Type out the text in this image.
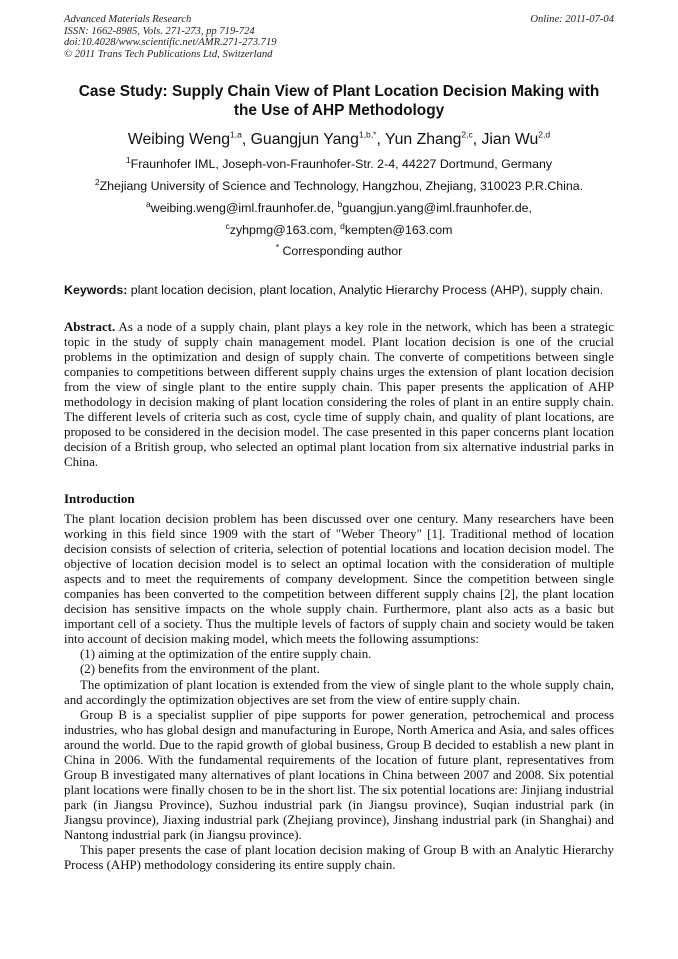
Advanced Materials Research
ISSN: 1662-8985, Vols. 271-273, pp 719-724
doi:10.4028/www.scientific.net/AMR.271-273.719
© 2011 Trans Tech Publications Ltd, Switzerland
Online: 2011-07-04
Case Study: Supply Chain View of Plant Location Decision Making with
the Use of AHP Methodology
Weibing Weng$^{1,a}$, Guangjun Yang$^{1,b,*}$, Yun Zhang$^{2,c}$, Jian Wu$^{2,d}$
$^1$Fraunhofer IML, Joseph-von-Fraunhofer-Str. 2-4, 44227 Dortmund, Germany
$^2$Zhejiang University of Science and Technology, Hangzhou, Zhejiang, 310023 P.R.China.
$^a$weibing.weng@iml.fraunhofer.de, $^b$guangjun.yang@iml.fraunhofer.de,
$^c$zyhpmg@163.com, $^d$kempten@163.com
* Corresponding author
Keywords: plant location decision, plant location, Analytic Hierarchy Process (AHP), supply chain.
Abstract. As a node of a supply chain, plant plays a key role in the network, which has been a strategic topic in the study of supply chain management model. Plant location decision is one of the crucial problems in the optimization and design of supply chain. The converte of competitions between single companies to competitions between different supply chains urges the extension of plant location decision from the view of single plant to the entire supply chain. This paper presents the application of AHP methodology in decision making of plant location considering the roles of plant in an entire supply chain. The different levels of criteria such as cost, cycle time of supply chain, and quality of plant locations, are proposed to be considered in the decision model. The case presented in this paper concerns plant location decision of a British group, who selected an optimal plant location from six alternative industrial parks in China.
Introduction

The plant location decision problem has been discussed over one century. Many researchers have been working in this field since 1909 with the start of "Weber Theory" [1]. Traditional method of location decision consists of selection of criteria, selection of potential locations and location decision model. The objective of location decision model is to select an optimal location with the consideration of multiple aspects and to meet the requirements of company development. Since the competition between single companies has been converted to the competition between different supply chains [2], the plant location decision has sensitive impacts on the whole supply chain. Furthermore, plant also acts as a basic but important cell of a society. Thus the multiple levels of factors of supply chain and society would be taken into account of decision making model, which meets the following assumptions:

(1) aiming at the optimization of the entire supply chain.

(2) benefits from the environment of the plant.

The optimization of plant location is extended from the view of single plant to the whole supply chain, and accordingly the optimization objectives are set from the view of entire supply chain.

Group B is a specialist supplier of pipe supports for power generation, petrochemical and process industries, who has global design and manufacturing in Europe, North America and Asia, and sales offices around the world. Due to the rapid growth of global business, Group B decided to establish a new plant in China in 2006. With the fundamental requirements of the location of future plant, representatives from Group B investigated many alternatives of plant locations in China between 2007 and 2008. Six potential plant locations were finally chosen to be in the short list. The six potential locations are: Jinjiang industrial park (in Jiangsu Province), Suzhou industrial park (in Jiangsu province), Suqian industrial park (in Jiangsu province), Jiaxing industrial park (Zhejiang province), Jinshang industrial park (in Shanghai) and Nantong industrial park (in Jiangsu province).

This paper presents the case of plant location decision making of Group B with an Analytic Hierarchy Process (AHP) methodology considering its entire supply chain.
